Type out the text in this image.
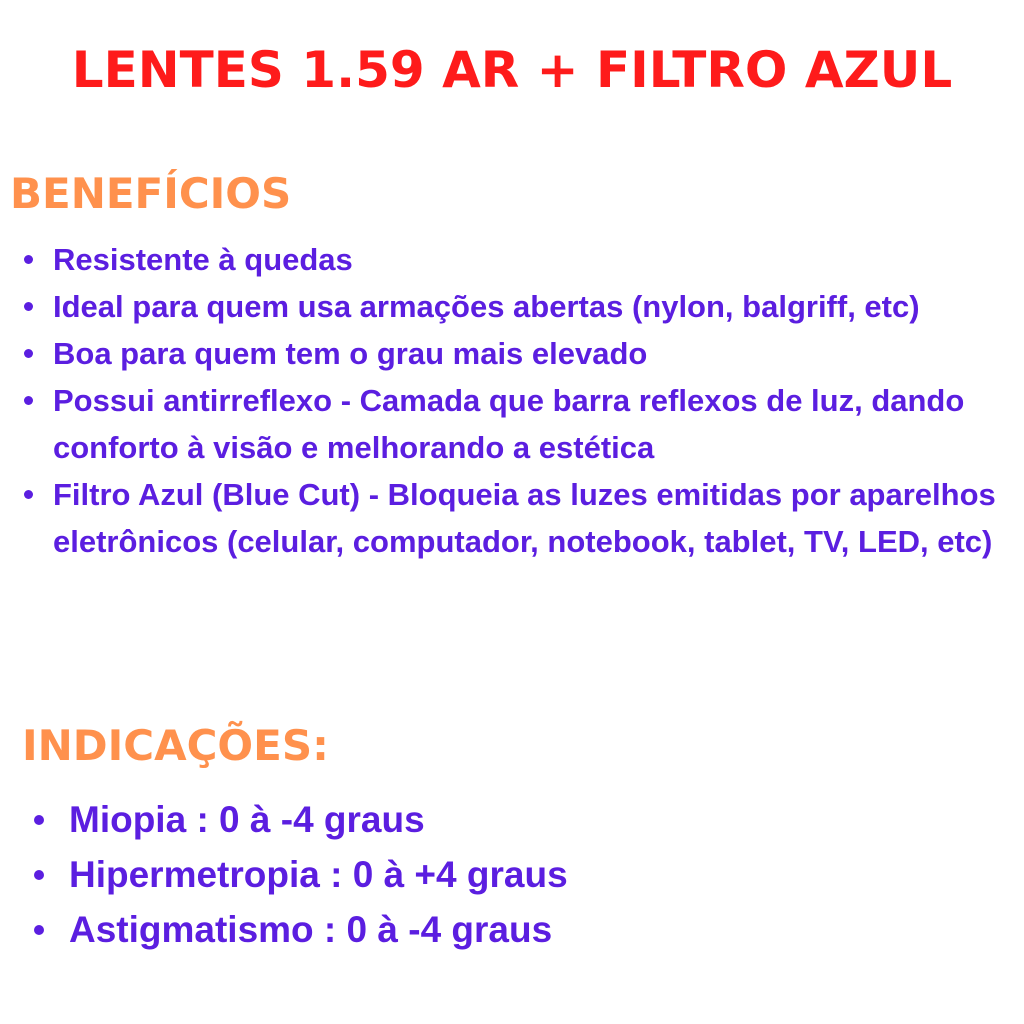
LENTES 1.59 AR + FILTRO AZUL
BENEFÍCIOS
Resistente à quedas
Ideal para quem usa armações abertas (nylon, balgriff, etc)
Boa para quem tem o grau mais elevado
Possui antirreflexo - Camada que barra reflexos de luz, dando conforto à visão e melhorando a estética
Filtro Azul (Blue Cut) - Bloqueia as luzes emitidas por aparelhos eletrônicos (celular, computador, notebook, tablet, TV, LED, etc)
INDICAÇÕES:
Miopia : 0 à -4 graus
Hipermetropia : 0 à +4 graus
Astigmatismo : 0 à -4 graus
